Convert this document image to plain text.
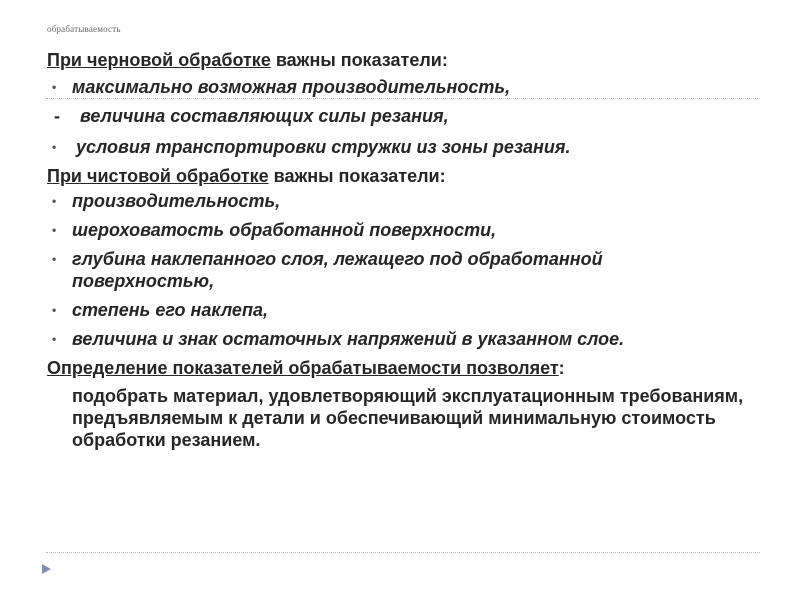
обрабатываемость
При черновой обработке важны показатели:
• максимально возможная производительность,
- величина составляющих силы резания,
• условия транспортировки стружки из зоны резания.
При чистовой обработке важны показатели:
• производительность,
• шероховатость обработанной поверхности,
• глубина наклепанного слоя, лежащего под обработанной поверхностью,
• степень его наклепа,
• величина и знак остаточных напряжений в указанном слое.
Определение показателей обрабатываемости позволяет:
подобрать материал, удовлетворяющий эксплуатационным требованиям, предъявляемым к детали и обеспечивающий минимальную стоимость обработки резанием.
